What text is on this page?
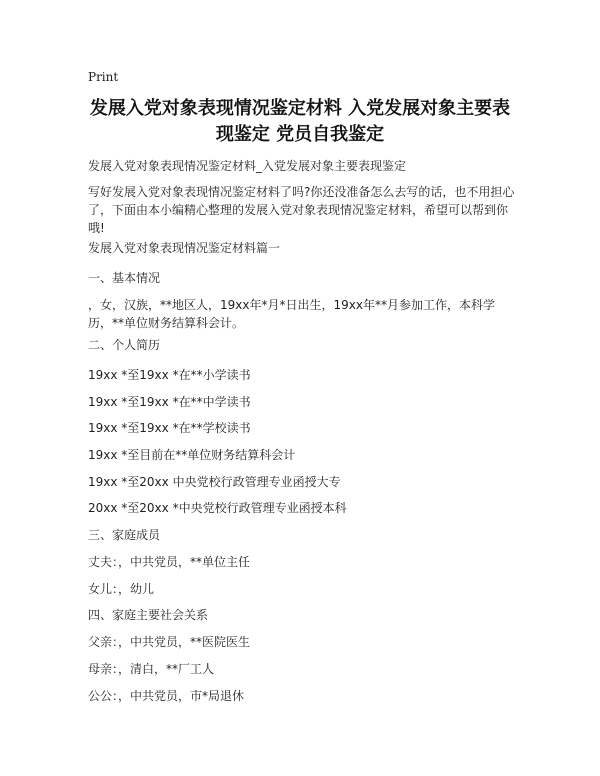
Print
发展入党对象表现情况鉴定材料 入党发展对象主要表
现鉴定 党员自我鉴定
发展入党对象表现情况鉴定材料_入党发展对象主要表现鉴定
写好发展入党对象表现情况鉴定材料了吗?你还没准备怎么去写的话，也不用担心了，下面由本小编精心整理的发展入党对象表现情况鉴定材料，希望可以帮到你哦!
发展入党对象表现情况鉴定材料篇一
一、基本情况
，女，汉族，**地区人，19xx年*月*日出生，19xx年**月参加工作，本科学历，**单位财务结算科会计。
二、个人简历
19xx *至19xx *在**小学读书
19xx *至19xx *在**中学读书
19xx *至19xx *在**学校读书
19xx *至目前在**单位财务结算科会计
19xx *至20xx 中央党校行政管理专业函授大专
20xx *至20xx *中央党校行政管理专业函授本科
三、家庭成员
丈夫：，中共党员，**单位主任
女儿：，幼儿
四、家庭主要社会关系
父亲：，中共党员，**医院医生
母亲：，清白，**厂工人
公公：，中共党员，市*局退休
